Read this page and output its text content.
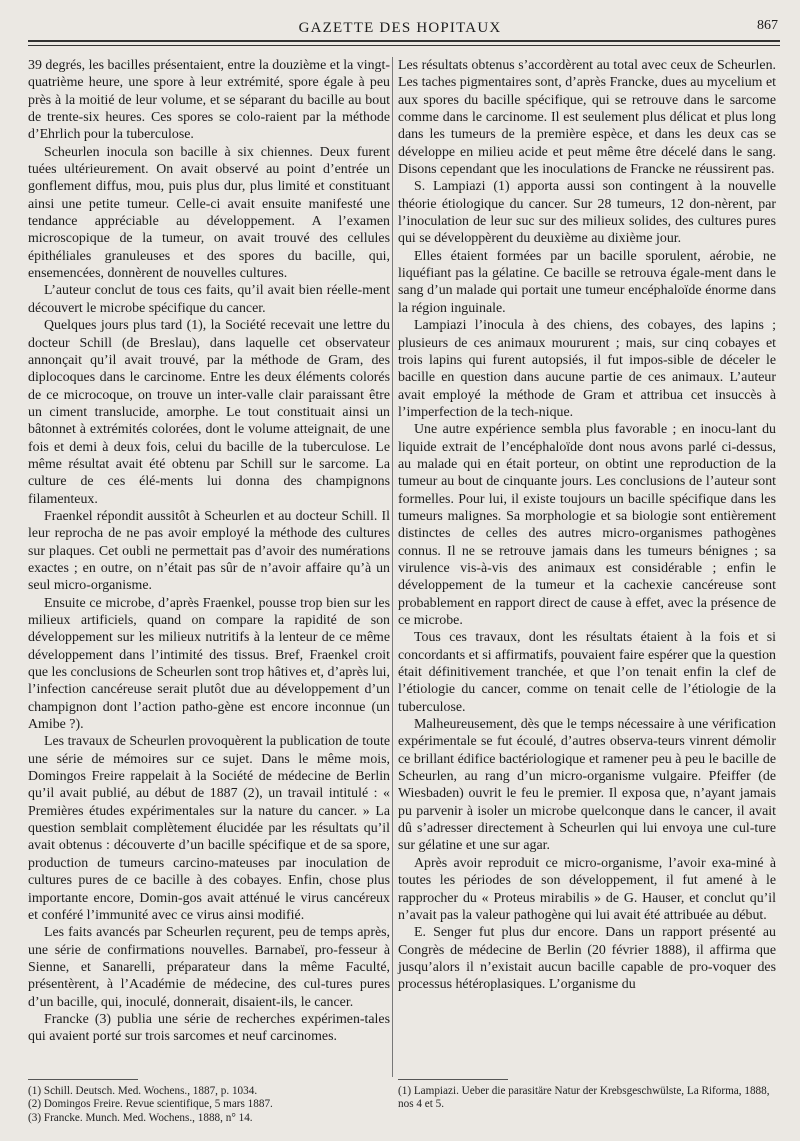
GAZETTE DES HOPITAUX	867

39 degrés, les bacilles présentaient, entre la douzième et la vingt-quatrième heure, une spore à leur extrémité, spore égale à peu près à la moitié de leur volume, et se séparant du bacille au bout de trente-six heures. Ces spores se colo-raient par la méthode d’Ehrlich pour la tuberculose.

Scheurlen inocula son bacille à six chiennes. Deux furent tuées ultérieurement. On avait observé au point d’entrée un gonflement diffus, mou, puis plus dur, plus limité et constituant ainsi une petite tumeur. Celle-ci avait ensuite manifesté une tendance appréciable au développement. A l’examen microscopique de la tumeur, on avait trouvé des cellules épithéliales granuleuses et des spores du bacille, qui, ensemencées, donnèrent de nouvelles cultures.

L’auteur conclut de tous ces faits, qu’il avait bien réelle-ment découvert le microbe spécifique du cancer.

Quelques jours plus tard (1), la Société recevait une lettre du docteur Schill (de Breslau), dans laquelle cet observateur annonçait qu’il avait trouvé, par la méthode de Gram, des diplocoques dans le carcinome. Entre les deux éléments colorés de ce microcoque, on trouve un inter-valle clair paraissant être un ciment translucide, amorphe. Le tout constituait ainsi un bâtonnet à extrémités colorées, dont le volume atteignait, de une fois et demi à deux fois, celui du bacille de la tuberculose. Le même résultat avait été obtenu par Schill sur le sarcome. La culture de ces élé-ments lui donna des champignons filamenteux.

Fraenkel répondit aussitôt à Scheurlen et au docteur Schill. Il leur reprocha de ne pas avoir employé la méthode des cultures sur plaques. Cet oubli ne permettait pas d’avoir des numérations exactes ; en outre, on n’était pas sûr de n’avoir affaire qu’à un seul micro-organisme.

Ensuite ce microbe, d’après Fraenkel, pousse trop bien sur les milieux artificiels, quand on compare la rapidité de son développement sur les milieux nutritifs à la lenteur de ce même développement dans l’intimité des tissus. Bref, Fraenkel croit que les conclusions de Scheurlen sont trop hâtives et, d’après lui, l’infection cancéreuse serait plutôt due au développement d’un champignon dont l’action patho-gène est encore inconnue (un Amibe ?).

Les travaux de Scheurlen provoquèrent la publication de toute une série de mémoires sur ce sujet. Dans le même mois, Domingos Freire rappelait à la Société de médecine de Berlin qu’il avait publié, au début de 1887 (2), un travail intitulé : « Premières études expérimentales sur la nature du cancer. » La question semblait complètement élucidée par les résultats qu’il avait obtenus : découverte d’un bacille spécifique et de sa spore, production de tumeurs carcino-mateuses par inoculation de cultures pures de ce bacille à des cobayes. Enfin, chose plus importante encore, Domin-gos avait atténué le virus cancéreux et conféré l’immunité avec ce virus ainsi modifié.

Les faits avancés par Scheurlen reçurent, peu de temps après, une série de confirmations nouvelles. Barnabeï, pro-fesseur à Sienne, et Sanarelli, préparateur dans la même Faculté, présentèrent, à l’Académie de médecine, des cul-tures pures d’un bacille, qui, inoculé, donnerait, disaient-ils, le cancer.

Francke (3) publia une série de recherches expérimen-tales qui avaient porté sur trois sarcomes et neuf carcinomes.

Les résultats obtenus s’accordèrent au total avec ceux de Scheurlen. Les taches pigmentaires sont, d’après Francke, dues au mycelium et aux spores du bacille spécifique, qui se retrouve dans le sarcome comme dans le carcinome. Il est seulement plus délicat et plus long dans les tumeurs de la première espèce, et dans les deux cas se développe en milieu acide et peut même être décelé dans le sang. Disons cependant que les inoculations de Francke ne réussirent pas.

S. Lampiazi (1) apporta aussi son contingent à la nouvelle théorie étiologique du cancer. Sur 28 tumeurs, 12 don-nèrent, par l’inoculation de leur suc sur des milieux solides, des cultures pures qui se développèrent du deuxième au dixième jour.

Elles étaient formées par un bacille sporulent, aérobie, ne liquéfiant pas la gélatine. Ce bacille se retrouva égale-ment dans le sang d’un malade qui portait une tumeur encéphaloïde énorme dans la région inguinale.

Lampiazi l’inocula à des chiens, des cobayes, des lapins ; plusieurs de ces animaux moururent ; mais, sur cinq cobayes et trois lapins qui furent autopsiés, il fut impos-sible de déceler le bacille en question dans aucune partie de ces animaux. L’auteur avait employé la méthode de Gram et attribua cet insuccès à l’imperfection de la tech-nique.

Une autre expérience sembla plus favorable ; en inocu-lant du liquide extrait de l’encéphaloïde dont nous avons parlé ci-dessus, au malade qui en était porteur, on obtint une reproduction de la tumeur au bout de cinquante jours. Les conclusions de l’auteur sont formelles. Pour lui, il existe toujours un bacille spécifique dans les tumeurs malignes. Sa morphologie et sa biologie sont entièrement distinctes de celles des autres micro-organismes pathogènes connus. Il ne se retrouve jamais dans les tumeurs bénignes ; sa virulence vis-à-vis des animaux est considérable ; enfin le développement de la tumeur et la cachexie cancéreuse sont probablement en rapport direct de cause à effet, avec la présence de ce microbe.

Tous ces travaux, dont les résultats étaient à la fois et si concordants et si affirmatifs, pouvaient faire espérer que la question était définitivement tranchée, et que l’on tenait enfin la clef de l’étiologie du cancer, comme on tenait celle de l’étiologie de la tuberculose.

Malheureusement, dès que le temps nécessaire à une vérification expérimentale se fut écoulé, d’autres observa-teurs vinrent démolir ce brillant édifice bactériologique et ramener peu à peu le bacille de Scheurlen, au rang d’un micro-organisme vulgaire. Pfeiffer (de Wiesbaden) ouvrit le feu le premier. Il exposa que, n’ayant jamais pu parvenir à isoler un microbe quelconque dans le cancer, il avait dû s’adresser directement à Scheurlen qui lui envoya une cul-ture sur gélatine et une sur agar.

Après avoir reproduit ce micro-organisme, l’avoir exa-miné à toutes les périodes de son développement, il fut amené à le rapprocher du « Proteus mirabilis » de G. Hauser, et conclut qu’il n’avait pas la valeur pathogène qui lui avait été attribuée au début.

E. Senger fut plus dur encore. Dans un rapport présenté au Congrès de médecine de Berlin (20 février 1888), il affirma que jusqu’alors il n’existait aucun bacille capable de pro-voquer des processus hétéroplasiques. L’organisme du

(1) Schill. Deutsch. Med. Wochens., 1887, p. 1034.
(2) Domingos Freire. Revue scientifique, 5 mars 1887.
(3) Francke. Munch. Med. Wochens., 1888, n° 14.
(1) Lampiazi. Ueber die parasitäre Natur der Krebsgeschwülste, La Riforma, 1888, nos 4 et 5.
